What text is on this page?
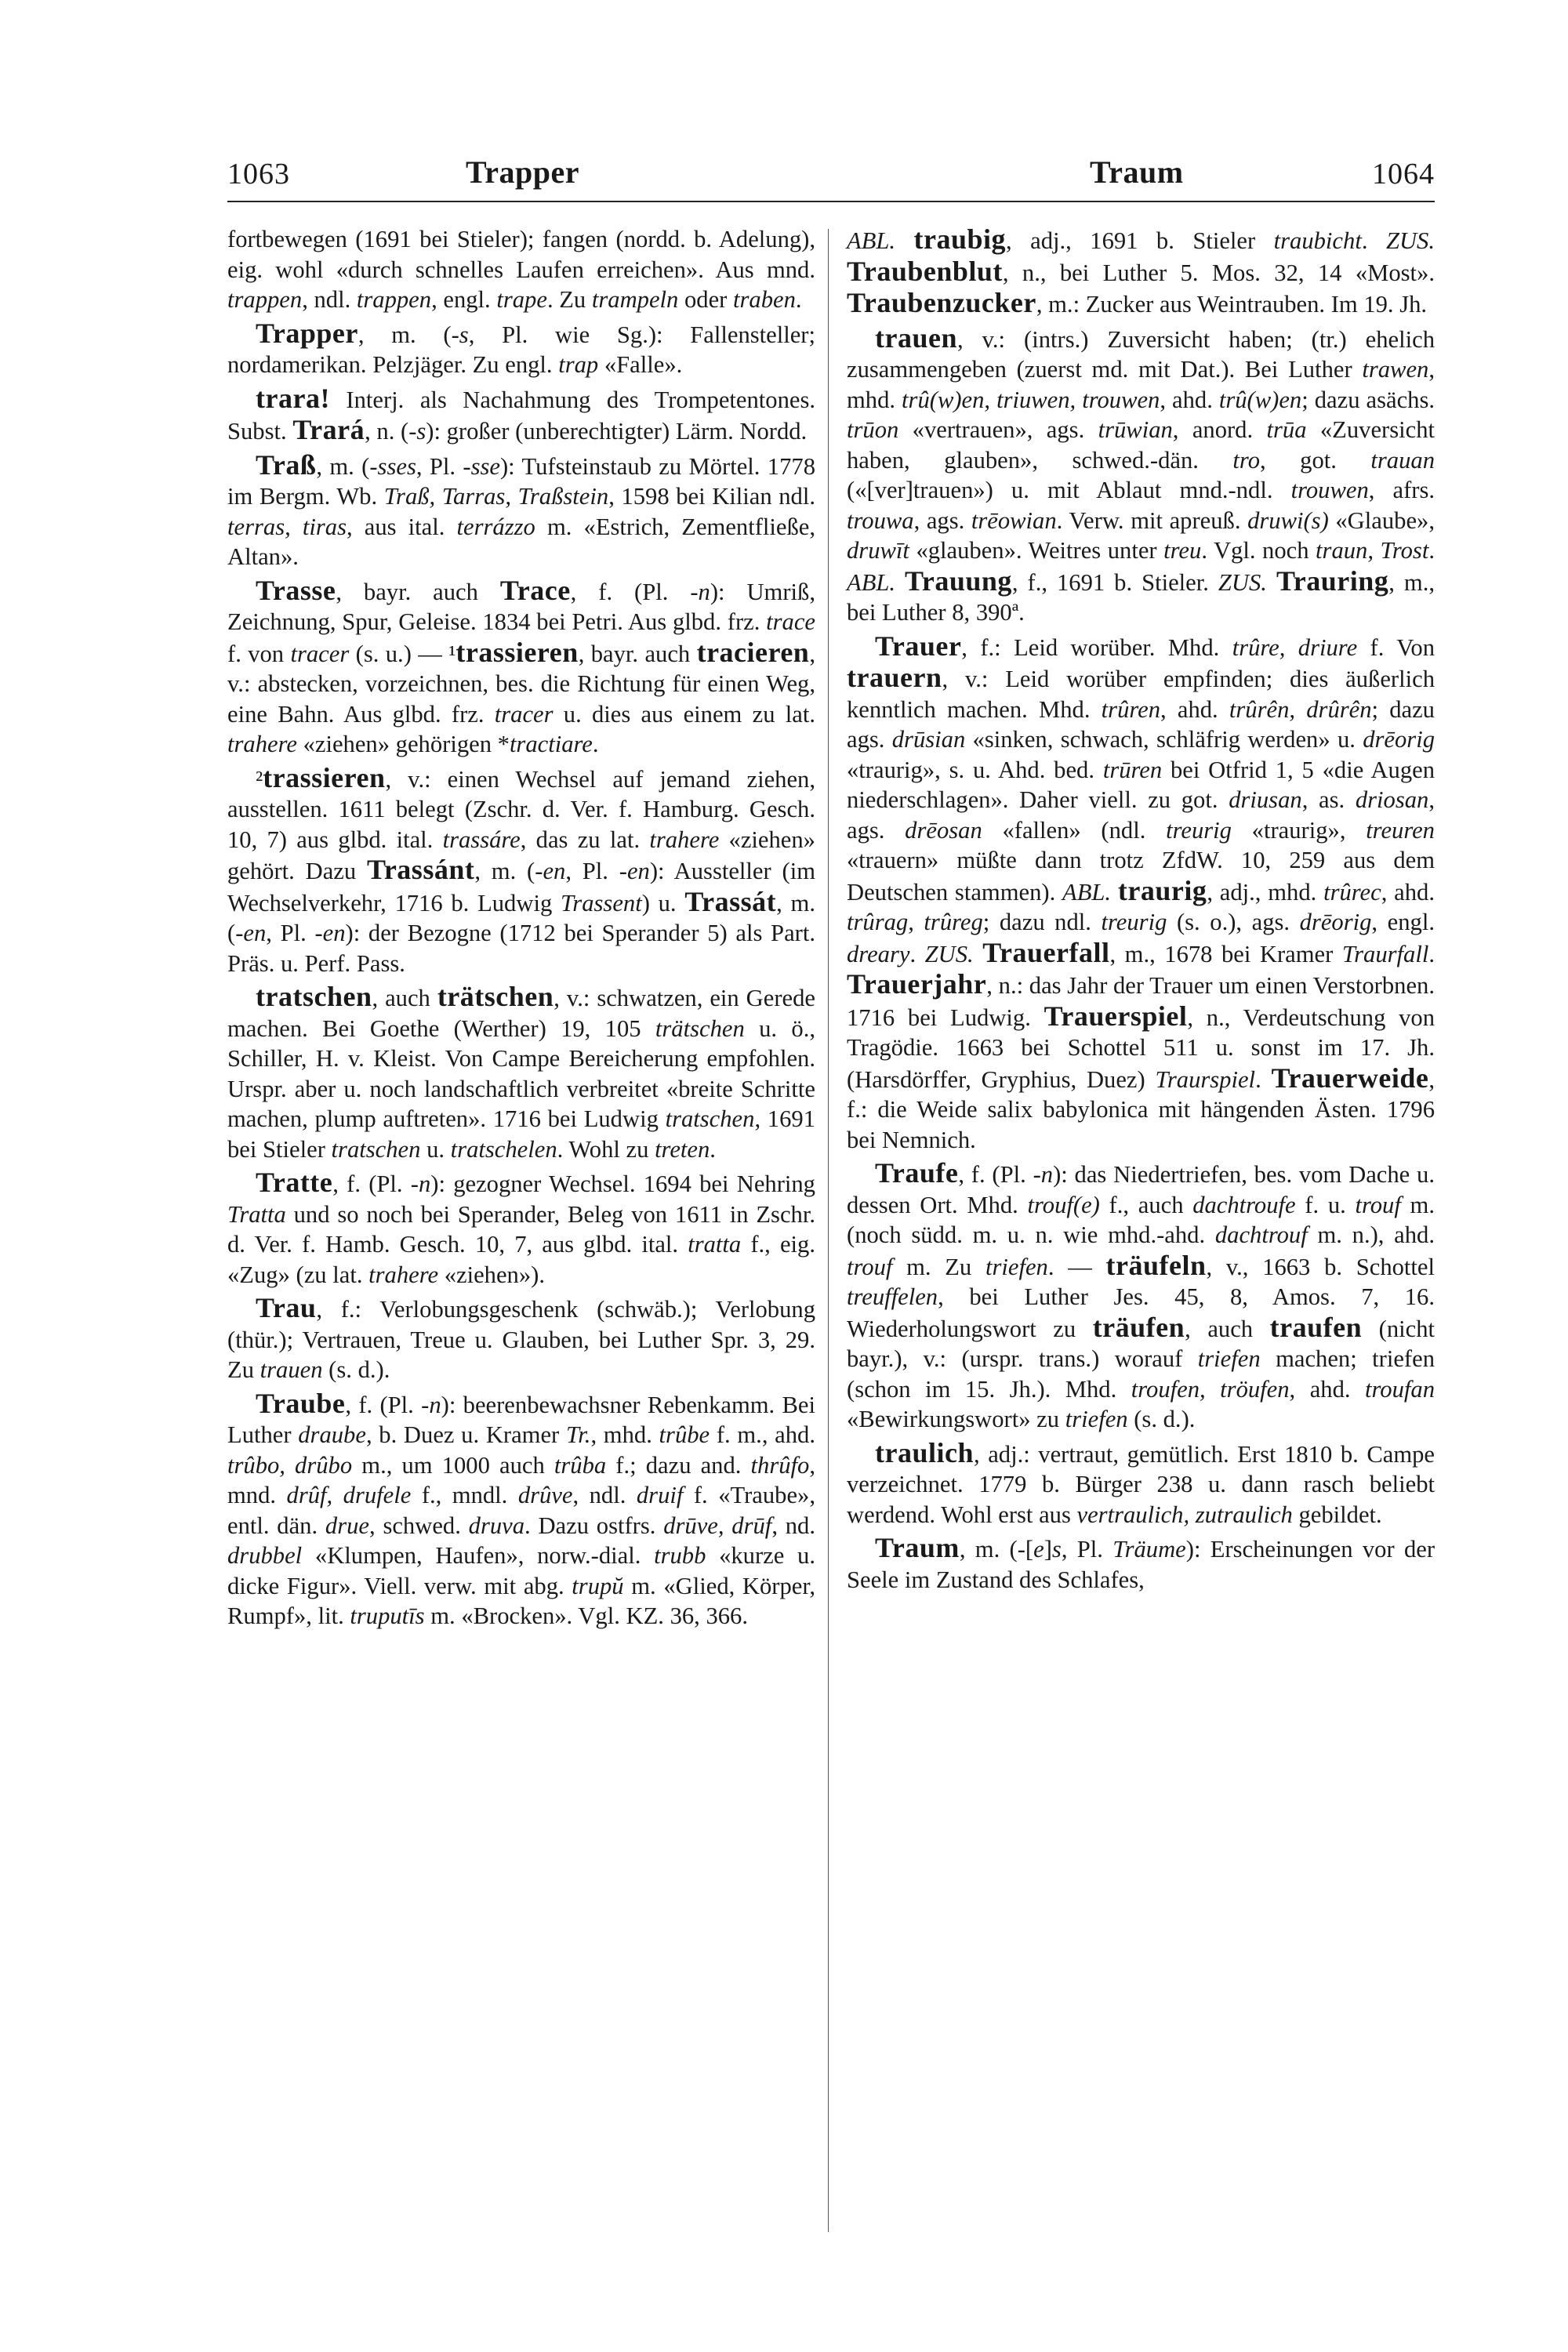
1063	Trapper	Traum	1064

fortbewegen (1691 bei Stieler); fangen (nordd. b. Adelung), eig. wohl «durch schnelles Laufen erreichen». Aus mnd. trappen, ndl. trappen, engl. trape. Zu trampeln oder traben.

Trapper, m. (-s, Pl. wie Sg.): Fallensteller; nordamerikan. Pelzjäger. Zu engl. trap «Falle».

trara! Interj. als Nachahmung des Trompetentones. Subst. Trará, n. (-s): großer (unberechtigter) Lärm. Nordd.

Traß, m. (-sses, Pl. -sse): Tufsteinstaub zu Mörtel. 1778 im Bergm. Wb. Traß, Tarras, Traßstein, 1598 bei Kilian ndl. terras, tiras, aus ital. terrázzo m. «Estrich, Zementfließe, Altan».

Trasse, bayr. auch Trace, f. (Pl. -n): Umriß, Zeichnung, Spur, Geleise. 1834 bei Petri. Aus glbd. frz. trace f. von tracer (s. u.) — ¹trassieren, bayr. auch tracieren, v.: abstecken, vorzeichnen, bes. die Richtung für einen Weg, eine Bahn. Aus glbd. frz. tracer u. dies aus einem zu lat. trahere «ziehen» gehörigen *tractiare.

²trassieren, v.: einen Wechsel auf jemand ziehen, ausstellen. 1611 belegt (Zschr. d. Ver. f. Hamburg. Gesch. 10, 7) aus glbd. ital. trassáre, das zu lat. trahere «ziehen» gehört. Dazu Trassánt, m. (-en, Pl. -en): Aussteller (im Wechselverkehr, 1716 b. Ludwig Trassent) u. Trassát, m. (-en, Pl. -en): der Bezogne (1712 bei Sperander 5) als Part. Präs. u. Perf. Pass.

tratschen, auch trätschen, v.: schwatzen, ein Gerede machen. Bei Goethe (Werther) 19, 105 trätschen u. ö., Schiller, H. v. Kleist. Von Campe Bereicherung empfohlen. Urspr. aber u. noch landschaftlich verbreitet «breite Schritte machen, plump auftreten». 1716 bei Ludwig tratschen, 1691 bei Stieler tratschen u. tratschelen. Wohl zu treten.

Tratte, f. (Pl. -n): gezogner Wechsel. 1694 bei Nehring Tratta und so noch bei Sperander, Beleg von 1611 in Zschr. d. Ver. f. Hamb. Gesch. 10, 7, aus glbd. ital. tratta f., eig. «Zug» (zu lat. trahere «ziehen»).

Trau, f.: Verlobungsgeschenk (schwäb.); Verlobung (thür.); Vertrauen, Treue u. Glauben, bei Luther Spr. 3, 29. Zu trauen (s. d.).

Traube, f. (Pl. -n): beerenbewachsner Rebenkamm. Bei Luther draube, b. Duez u. Kramer Tr., mhd. trûbe f. m., ahd. trûbo, drûbo m., um 1000 auch trûba f.; dazu and. thrûfo, mnd. drûf, drufele f., mndl. drûve, ndl. druif f. «Traube», entl. dän. drue, schwed. druva. Dazu ostfrs. drūve, drūf, nd. drubbel «Klumpen, Haufen», norw.-dial. trubb «kurze u. dicke Figur». Viell. verw. mit abg. trupŭ m. «Glied, Körper, Rumpf», lit. truputīs m. «Brocken». Vgl. KZ. 36, 366.

ABL. traubig, adj., 1691 b. Stieler traubicht. ZUS. Traubenblut, n., bei Luther 5. Mos. 32, 14 «Most». Traubenzucker, m.: Zucker aus Weintrauben. Im 19. Jh.

trauen, v.: (intrs.) Zuversicht haben; (tr.) ehelich zusammengeben (zuerst md. mit Dat.). Bei Luther trawen, mhd. trû(w)en, triuwen, trouwen, ahd. trû(w)en; dazu asächs. trūon «vertrauen», ags. trūwian, anord. trūa «Zuversicht haben, glauben», schwed.-dän. tro, got. trauan («[ver]trauen») u. mit Ablaut mnd.-ndl. trouwen, afrs. trouwa, ags. trēowian. Verw. mit apreuß. druwi(s) «Glaube», druwīt «glauben». Weitres unter treu. Vgl. noch traun, Trost. ABL. Trauung, f., 1691 b. Stieler. ZUS. Trauring, m., bei Luther 8, 390ª.

Trauer, f.: Leid worüber. Mhd. trûre, driure f. Von trauern, v.: Leid worüber empfinden; dies äußerlich kenntlich machen. Mhd. trûren, ahd. trûrên, drûrên; dazu ags. drūsian «sinken, schwach, schläfrig werden» u. drēorig «traurig», s. u. Ahd. bed. trūren bei Otfrid 1, 5 «die Augen niederschlagen». Daher viell. zu got. driusan, as. driosan, ags. drēosan «fallen» (ndl. treurig «traurig», treuren «trauern» müßte dann trotz ZfdW. 10, 259 aus dem Deutschen stammen). ABL. traurig, adj., mhd. trûrec, ahd. trûrag, trûreg; dazu ndl. treurig (s. o.), ags. drēorig, engl. dreary. ZUS. Trauerfall, m., 1678 bei Kramer Traurfall. Trauerjahr, n.: das Jahr der Trauer um einen Verstorbnen. 1716 bei Ludwig. Trauerspiel, n., Verdeutschung von Tragödie. 1663 bei Schottel 511 u. sonst im 17. Jh. (Harsdörffer, Gryphius, Duez) Traurspiel. Trauerweide, f.: die Weide salix babylonica mit hängenden Ästen. 1796 bei Nemnich.

Traufe, f. (Pl. -n): das Niedertriefen, bes. vom Dache u. dessen Ort. Mhd. trouf(e) f., auch dachtroufe f. u. trouf m. (noch südd. m. u. n. wie mhd.-ahd. dachtrouf m. n.), ahd. trouf m. Zu triefen. — träufeln, v., 1663 b. Schottel treuffelen, bei Luther Jes. 45, 8, Amos. 7, 16. Wiederholungswort zu träufen, auch traufen (nicht bayr.), v.: (urspr. trans.) worauf triefen machen; triefen (schon im 15. Jh.). Mhd. troufen, tröufen, ahd. troufan «Bewirkungswort» zu triefen (s. d.).

traulich, adj.: vertraut, gemütlich. Erst 1810 b. Campe verzeichnet. 1779 b. Bürger 238 u. dann rasch beliebt werdend. Wohl erst aus vertraulich, zutraulich gebildet.

Traum, m. (-[e]s, Pl. Träume): Erscheinungen vor der Seele im Zustand des Schlafes,
